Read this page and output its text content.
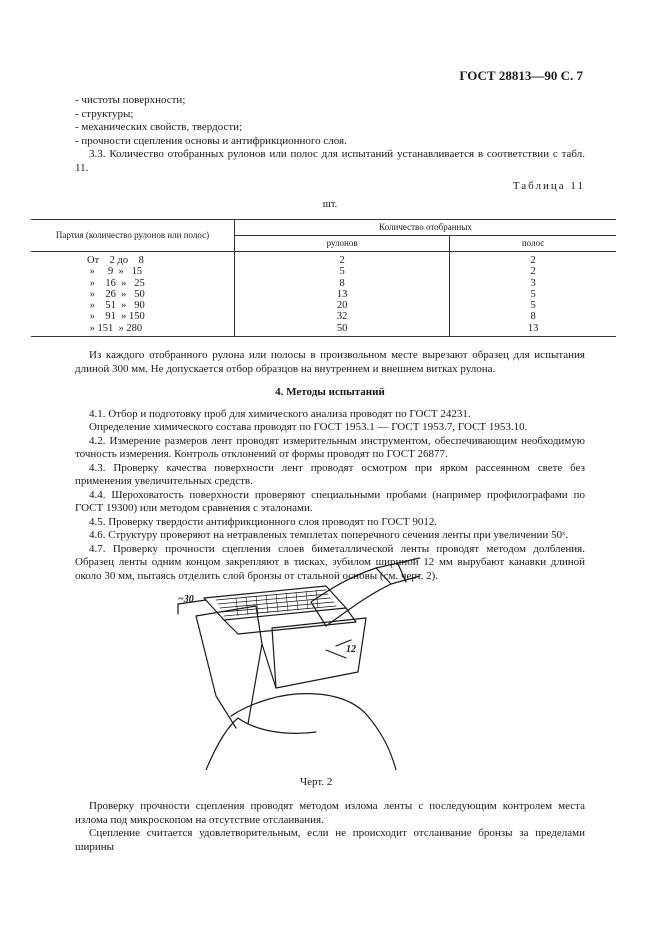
ГОСТ 28813—90 С. 7

- чистоты поверхности;

- структуры;

- механических свойств, твердости;

- прочности сцепления основы и антифрикционного слоя.

3.3. Количество отобранных рулонов или полос для испытаний устанавливается в соответствии с табл. 11.

Таблица 11
шт.
Партия (количество рулонов или полос)	Количество отобранных	
	рулонов	полос
От    2 до    8	2	2
»     9  »   15	5	2
»    16  »   25	8	3
»    26  »   50	13	5
»    51  »   90	20	5
»    91  » 150	32	8
» 151  » 280	50	13

Из каждого отобранного рулона или полосы в произвольном месте вырезают образец для испытания длиной 300 мм. Не допускается отбор образцов на внутреннем и внешнем витках рулона.

4. Методы испытаний

4.1. Отбор и подготовку проб для химического анализа проводят по ГОСТ 24231.

Определение химического состава проводят по ГОСТ 1953.1 — ГОСТ 1953.7, ГОСТ 1953.10.

4.2. Измерение размеров лент проводят измерительным инструментом, обеспечивающим необходимую точность измерения. Контроль отклонений от формы проводят по ГОСТ 26877.

4.3. Проверку качества поверхности лент проводят осмотром при ярком рассеянном свете без применения увеличительных средств.

4.4. Шероховатость поверхности проверяют специальными пробами (например профилографами по ГОСТ 19300) или методом сравнения с эталонами.

4.5. Проверку твердости антифрикционного слоя проводят по ГОСТ 9012.

4.6. Структуру проверяют на нетравленых темплетах поперечного сечения ленты при увеличении 50ˣ.

4.7. Проверку прочности сцепления слоев биметаллической ленты проводят методом долбления. Образец ленты одним концом закрепляют в тисках, зубилом шириной 12 мм вырубают канавки длиной около 30 мм, пытаясь отделить слой бронзы от стальной основы (см. черт. 2).

~30
12
Черт. 2

Проверку прочности сцепления проводят методом излома ленты с последующим контролем места излома под микроскопом на отсутствие отслаивания.

Сцепление считается удовлетворительным, если не происходит отслаивание бронзы за пределами ширины
